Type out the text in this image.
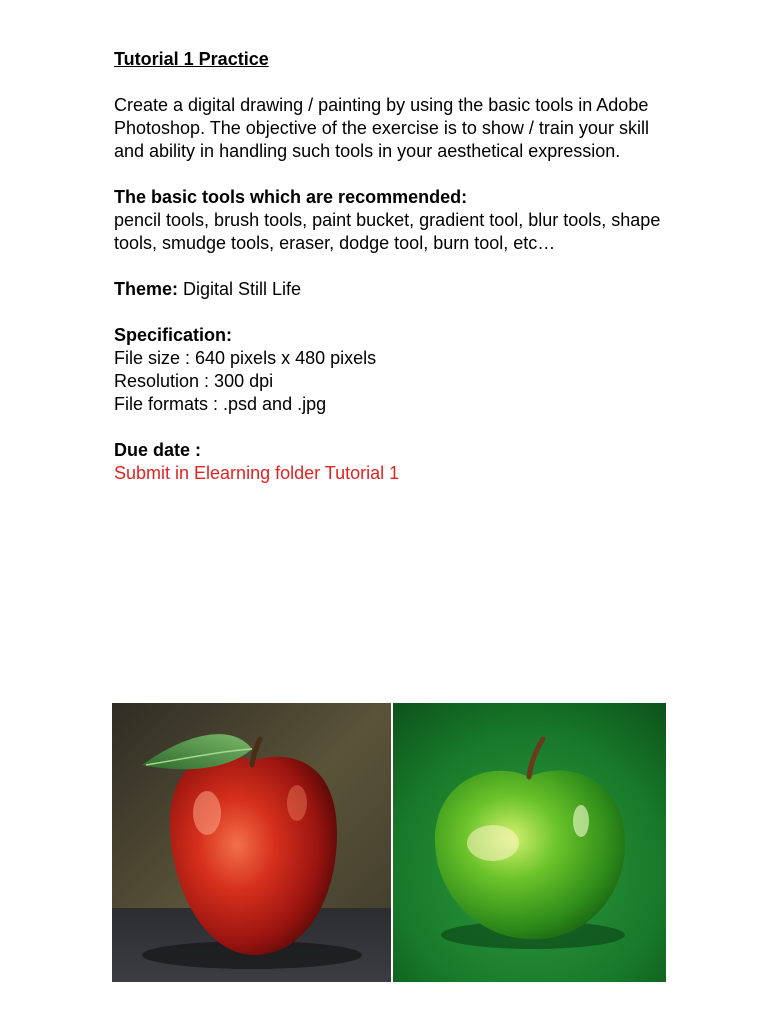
Tutorial 1 Practice

Create a digital drawing / painting by using the basic tools in Adobe

Photoshop. The objective of the exercise is to show / train your skill

and ability in handling such tools in your aesthetical expression.

The basic tools which are recommended:

pencil tools, brush tools, paint bucket, gradient tool, blur tools, shape

tools, smudge tools, eraser, dodge tool, burn tool, etc…

Theme: Digital Still Life

Specification:

File size : 640 pixels x 480 pixels

Resolution : 300 dpi

File formats : .psd and .jpg

Due date :

Submit in Elearning folder Tutorial 1
